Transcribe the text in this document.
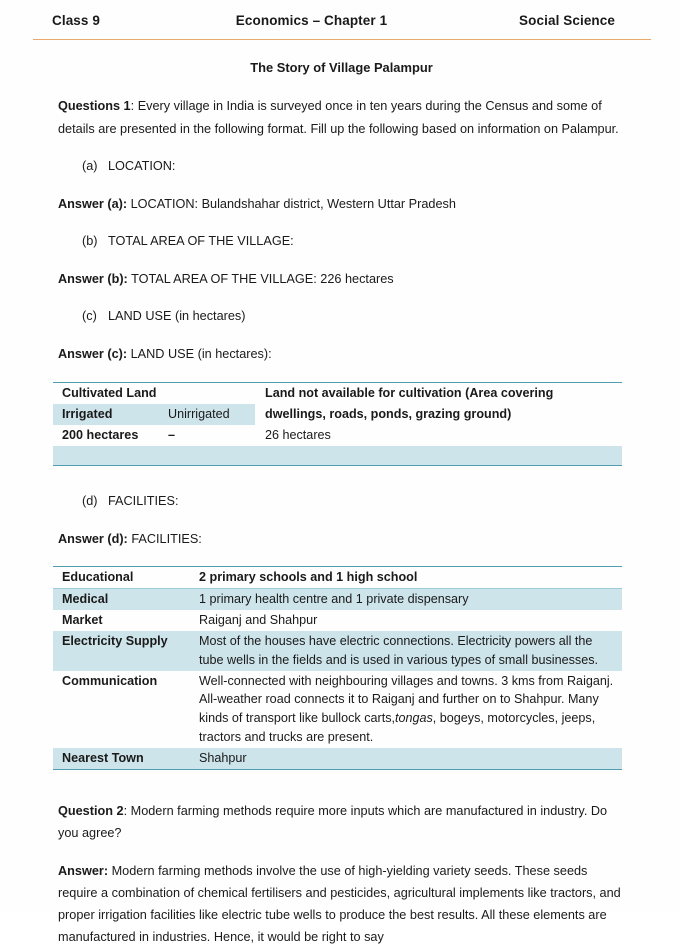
Class 9	Economics – Chapter 1	Social Science
The Story of Village Palampur

Questions 1: Every village in India is surveyed once in ten years during the Census and some of details are presented in the following format. Fill up the following based on information on Palampur.

(a) LOCATION:

Answer (a): LOCATION: Bulandshahar district, Western Uttar Pradesh

(b) TOTAL AREA OF THE VILLAGE:

Answer (b): TOTAL AREA OF THE VILLAGE: 226 hectares

(c) LAND USE (in hectares)

Answer (c): LAND USE (in hectares):

Cultivated Land		Land not available for cultivation (Area covering
Irrigated	Unirrigated	dwellings, roads, ponds, grazing ground)
200 hectares	–	26 hectares

(d) FACILITIES:

Answer (d): FACILITIES:

Educational	2 primary schools and 1 high school
Medical	1 primary health centre and 1 private dispensary
Market	Raiganj and Shahpur
Electricity Supply	Most of the houses have electric connections. Electricity powers all the tube wells in the fields and is used in various types of small businesses.
Communication	Well-connected with neighbouring villages and towns. 3 kms from Raiganj. All-weather road connects it to Raiganj and further on to Shahpur. Many kinds of transport like bullock carts,tongas, bogeys, motorcycles, jeeps, tractors and trucks are present.
Nearest Town	Shahpur

Question 2: Modern farming methods require more inputs which are manufactured in industry. Do you agree?

Answer: Modern farming methods involve the use of high-yielding variety seeds. These seeds require a combination of chemical fertilisers and pesticides, agricultural implements like tractors, and proper irrigation facilities like electric tube wells to produce the best results. All these elements are manufactured in industries. Hence, it would be right to say
